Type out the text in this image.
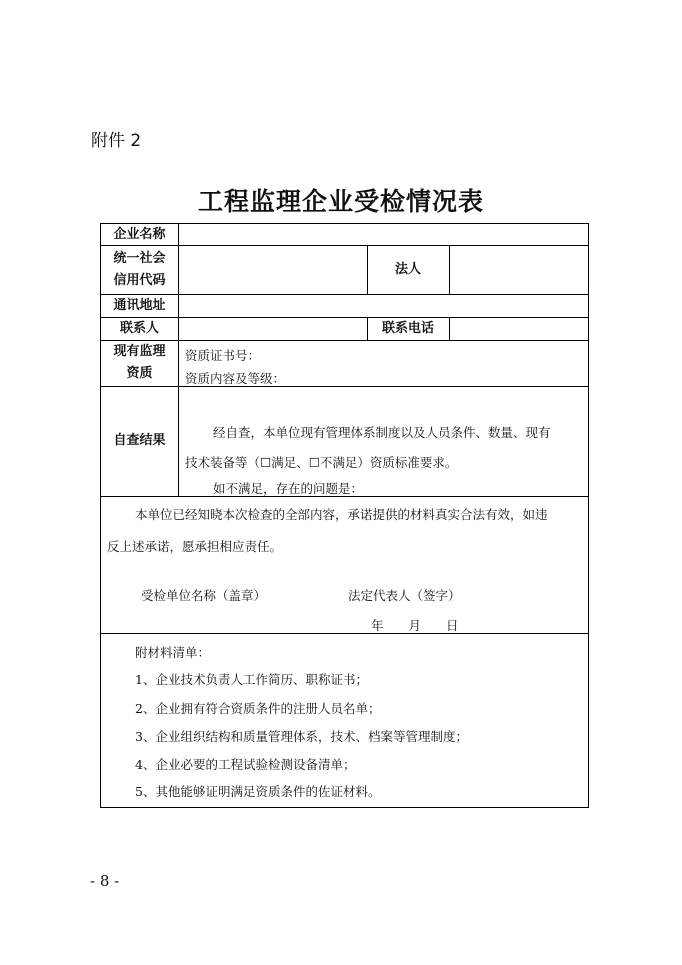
附件 2
工程监理企业受检情况表
企业名称
统一社会
信用代码
法人
通讯地址
联系人	联系电话
现有监理
资质
自查结果
资质证书号：
资质内容及等级：
经自查，本单位现有管理体系制度以及人员条件、数量、现有
技术装备等（☐满足、☐不满足）资质标准要求。
如不满足，存在的问题是：
本单位已经知晓本次检查的全部内容，承诺提供的材料真实合法有效，如违
反上述承诺，愿承担相应责任。
受检单位名称（盖章）	法定代表人（签字）
年　　月　　日
附材料清单：
1、企业技术负责人工作简历、职称证书；
2、企业拥有符合资质条件的注册人员名单；
3、企业组织结构和质量管理体系，技术、档案等管理制度；
4、企业必要的工程试验检测设备清单；
5、其他能够证明满足资质条件的佐证材料。
- 8 -
